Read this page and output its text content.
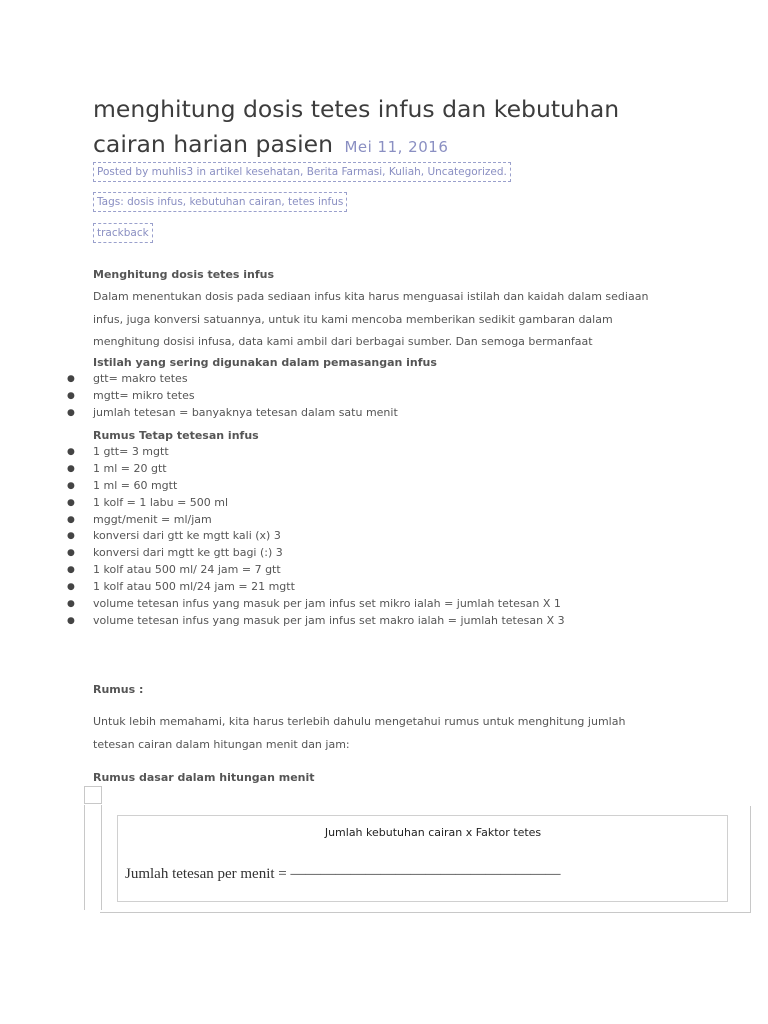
menghitung dosis tetes infus dan kebutuhan cairan harian pasien Mei 11, 2016
Posted by muhlis3 in artikel kesehatan, Berita Farmasi, Kuliah, Uncategorized.
Tags: dosis infus, kebutuhan cairan, tetes infus
trackback
Menghitung dosis tetes infus
Dalam menentukan dosis pada sediaan infus kita harus menguasai istilah dan kaidah dalam sediaan
infus, juga konversi satuannya, untuk itu kami mencoba memberikan sedikit gambaran dalam
menghitung dosisi infusa, data kami ambil dari berbagai sumber. Dan semoga bermanfaat
Istilah yang sering digunakan dalam pemasangan infus
● gtt= makro tetes
● mgtt= mikro tetes
● jumlah tetesan = banyaknya tetesan dalam satu menit
Rumus Tetap tetesan infus
● 1 gtt= 3 mgtt
● 1 ml = 20 gtt
● 1 ml = 60 mgtt
● 1 kolf = 1 labu = 500 ml
● mggt/menit = ml/jam
● konversi dari gtt ke mgtt kali (x) 3
● konversi dari mgtt ke gtt bagi (:) 3
● 1 kolf atau 500 ml/ 24 jam = 7 gtt
● 1 kolf atau 500 ml/24 jam = 21 mgtt
● volume tetesan infus yang masuk per jam infus set mikro ialah = jumlah tetesan X 1
● volume tetesan infus yang masuk per jam infus set makro ialah = jumlah tetesan X 3
Rumus :
Untuk lebih memahami, kita harus terlebih dahulu mengetahui rumus untuk menghitung jumlah
tetesan cairan dalam hitungan menit dan jam:
Rumus dasar dalam hitungan menit
Jumlah kebutuhan cairan x Faktor tetes
Jumlah tetesan per menit = ——————————————————
